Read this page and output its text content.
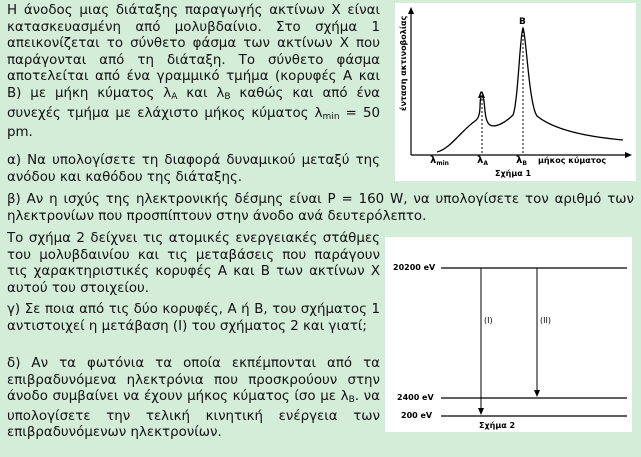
Η άνοδος μιας διάταξης παραγωγής ακτίνων Χ είναι κατασκευασμένη από μολυβδαίνιο. Στο σχήμα 1 απεικονίζεται το σύνθετο φάσμα των ακτίνων Χ που παράγονται από τη διάταξη. Το σύνθετο φάσμα αποτελείται από ένα γραμμικό τμήμα (κορυφές Α και Β) με μήκη κύματος $\lambda_A$ και $\lambda_B$ καθώς και από ένα συνεχές τμήμα με ελάχιστο μήκος κύματος $\lambda_{min} = 50$ pm.

α) Να υπολογίσετε τη διαφορά δυναμικού μεταξύ της ανόδου και καθόδου της διάταξης.

β) Αν η ισχύς της ηλεκτρονικής δέσμης είναι P = 160 W, να υπολογίσετε τον αριθμό των ηλεκτρονίων που προσπίπτουν στην άνοδο ανά δευτερόλεπτο.

Το σχήμα 2 δείχνει τις ατομικές ενεργειακές στάθμες του μολυβδαινίου και τις μεταβάσεις που παράγουν τις χαρακτηριστικές κορυφές Α και Β των ακτίνων Χ αυτού του στοιχείου.

γ) Σε ποια από τις δύο κορυφές, Α ή Β, του σχήματος 1 αντιστοιχεί η μετάβαση (Ι) του σχήματος 2 και γιατί;

δ) Αν τα φωτόνια τα οποία εκπέμπονται από τα επιβραδυνόμενα ηλεκτρόνια που προσκρούουν στην άνοδο συμβαίνει να έχουν μήκος κύματος ίσο με $\lambda_B$. να υπολογίσετε την τελική κινητική ενέργεια των επιβραδυνόμενων ηλεκτρονίων.

A
B
ένταση ακτινοβολίας
$\lambda_{min}$	$\lambda_A$	$\lambda_B$ μήκος κύματος
Σχήμα 1
20200 eV
2400 eV
200 eV
(I)	(II)
Σχήμα 2
